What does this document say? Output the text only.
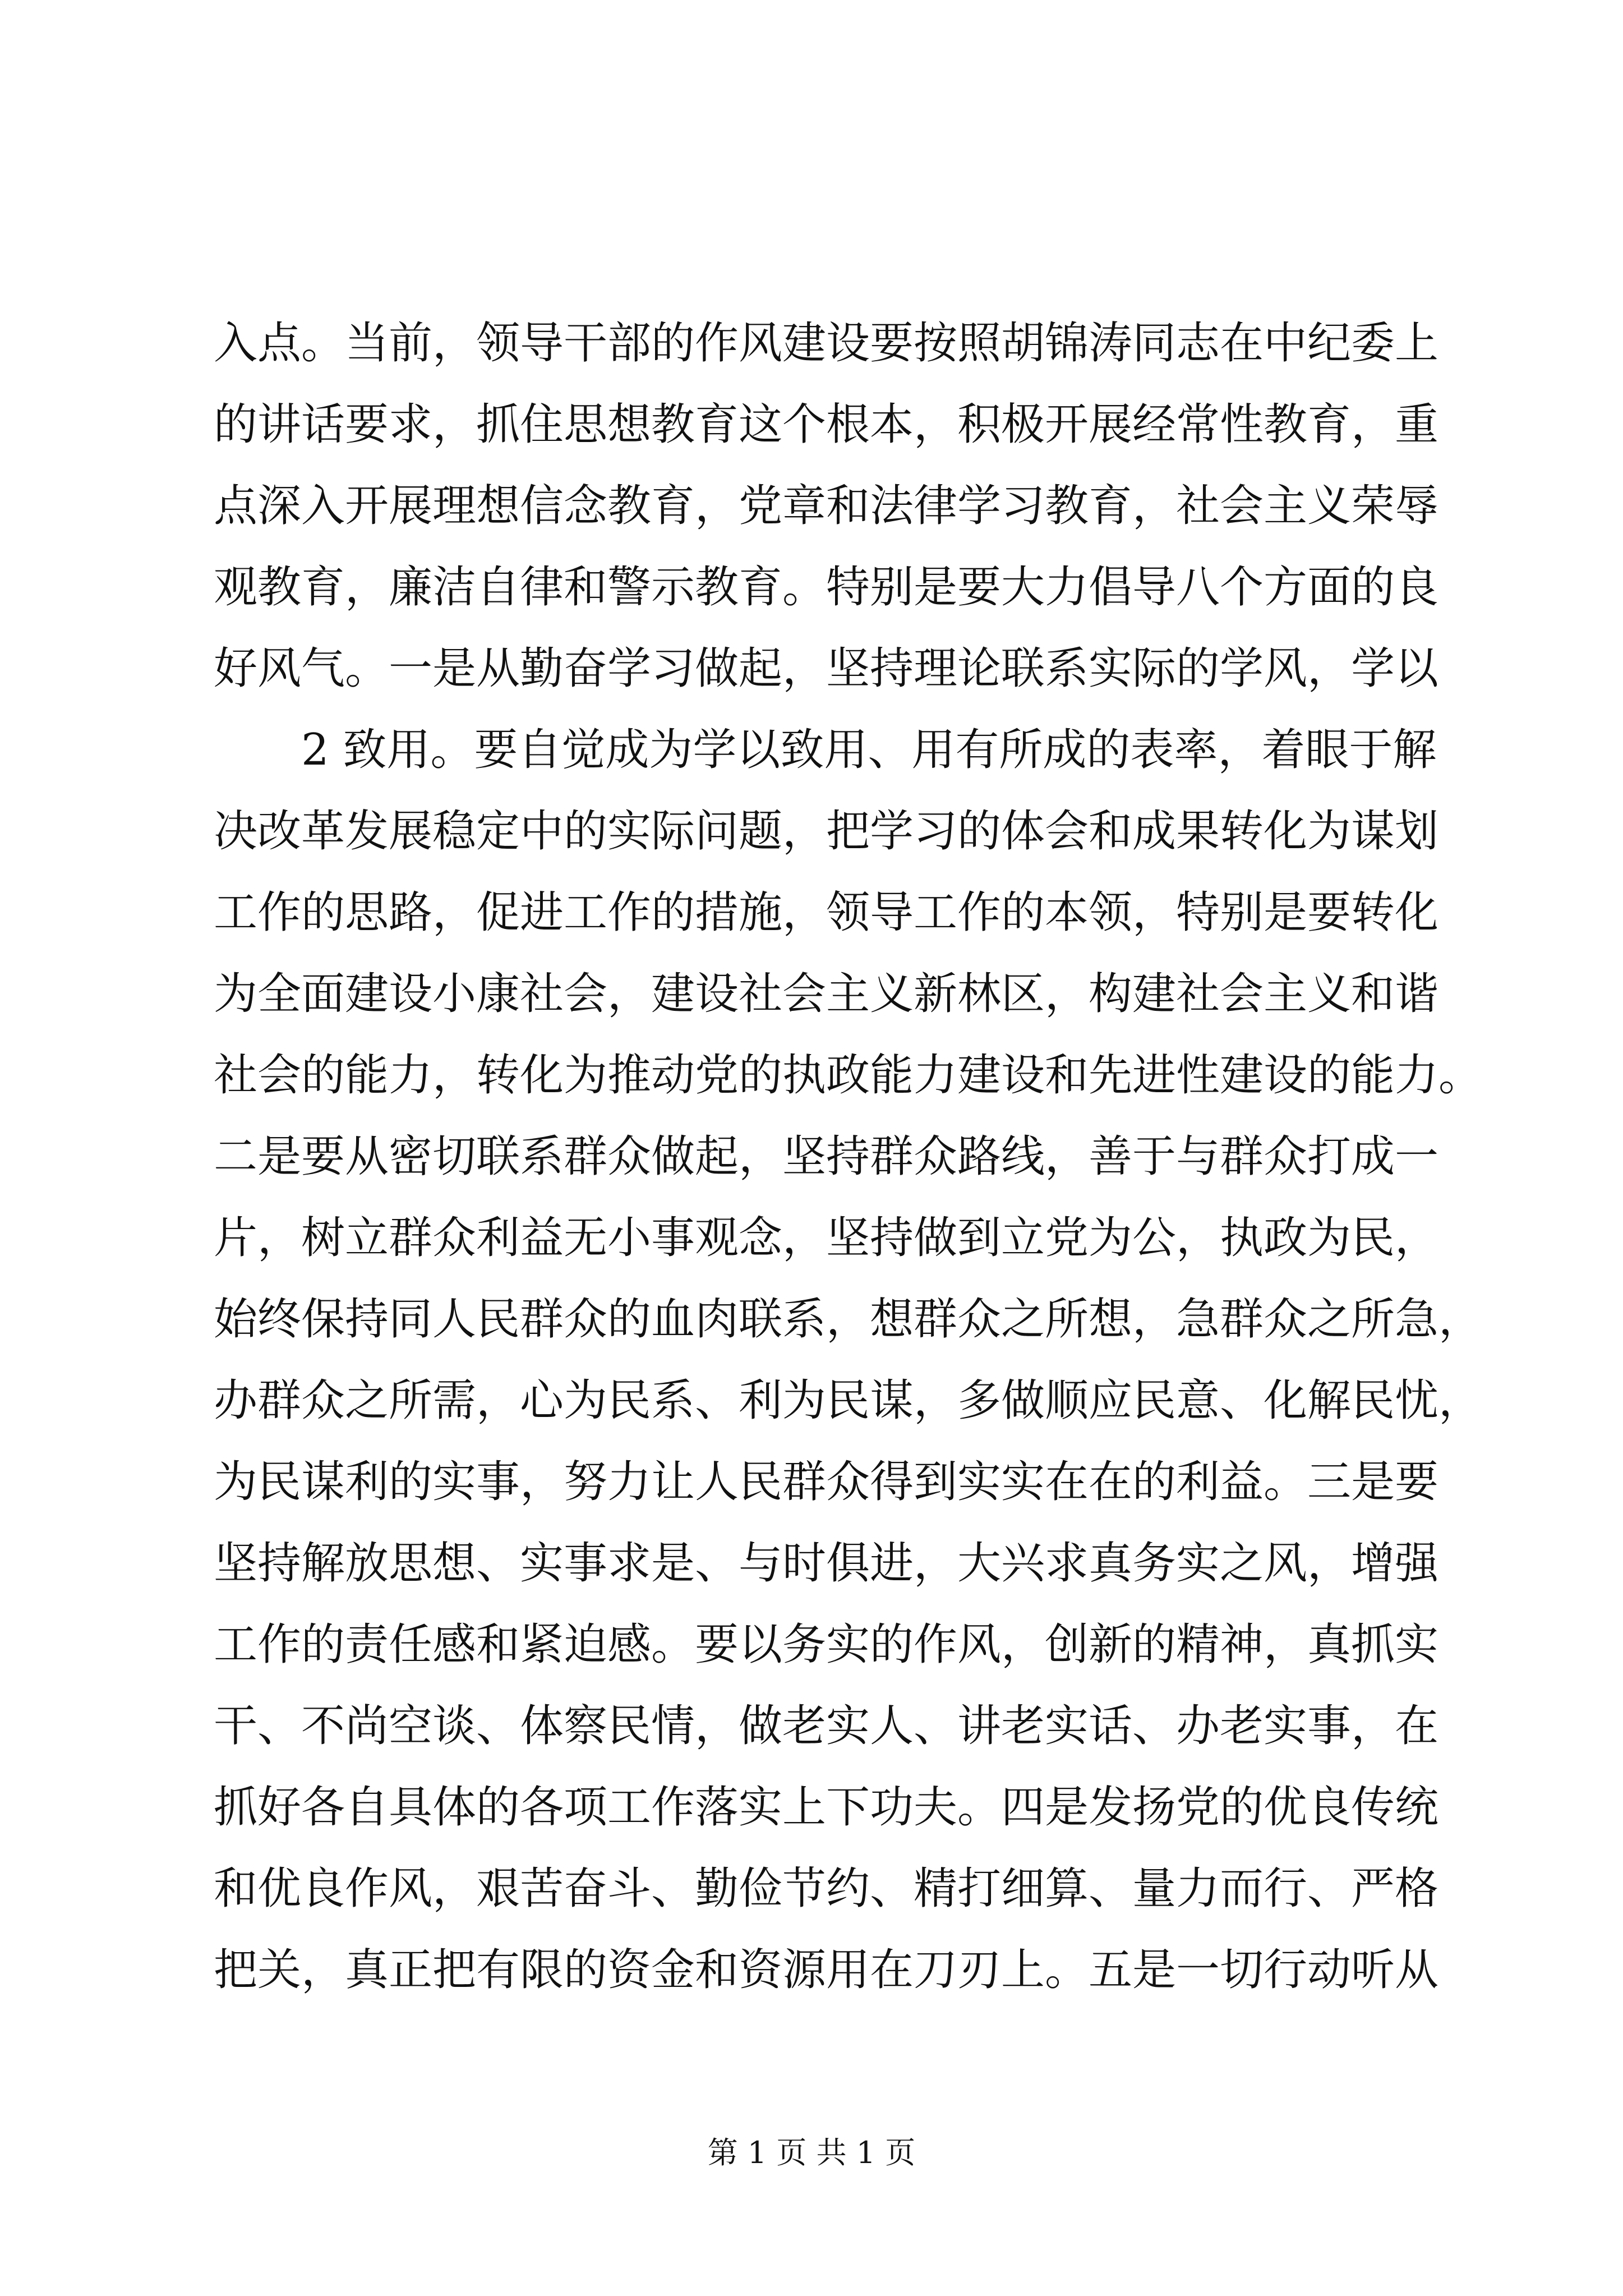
入点。当前，领导干部的作风建设要按照胡锦涛同志在中纪委上
的讲话要求，抓住思想教育这个根本，积极开展经常性教育，重
点深入开展理想信念教育，党章和法律学习教育，社会主义荣辱
观教育，廉洁自律和警示教育。特别是要大力倡导八个方面的良
好风气。一是从勤奋学习做起，坚持理论联系实际的学风，学以
2 致用。要自觉成为学以致用、用有所成的表率，着眼于解
决改革发展稳定中的实际问题，把学习的体会和成果转化为谋划
工作的思路，促进工作的措施，领导工作的本领，特别是要转化
为全面建设小康社会，建设社会主义新林区，构建社会主义和谐
社会的能力，转化为推动党的执政能力建设和先进性建设的能力。
二是要从密切联系群众做起，坚持群众路线，善于与群众打成一
片，树立群众利益无小事观念，坚持做到立党为公，执政为民，
始终保持同人民群众的血肉联系，想群众之所想，急群众之所急，
办群众之所需，心为民系、利为民谋，多做顺应民意、化解民忧，
为民谋利的实事，努力让人民群众得到实实在在的利益。三是要
坚持解放思想、实事求是、与时俱进，大兴求真务实之风，增强
工作的责任感和紧迫感。要以务实的作风，创新的精神，真抓实
干、不尚空谈、体察民情，做老实人、讲老实话、办老实事，在
抓好各自具体的各项工作落实上下功夫。四是发扬党的优良传统
和优良作风，艰苦奋斗、勤俭节约、精打细算、量力而行、严格
把关，真正把有限的资金和资源用在刀刃上。五是一切行动听从
第 1 页 共 1 页
